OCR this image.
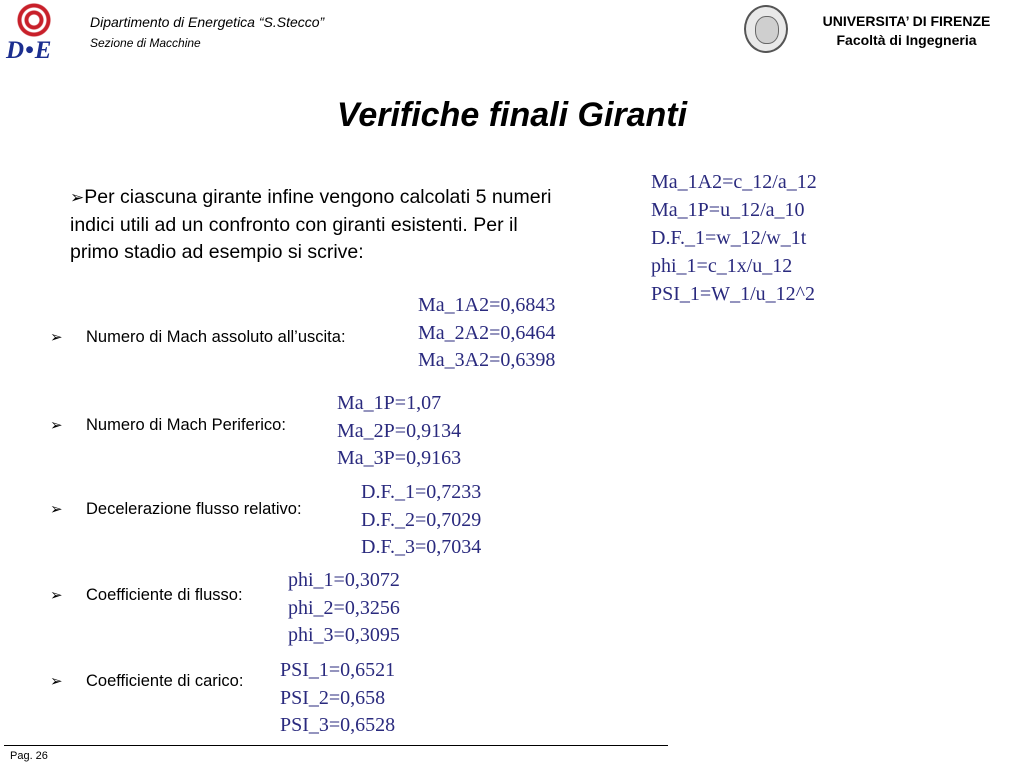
D•E
Dipartimento di Energetica “S.Stecco”
Sezione di Macchine
UNIVERSITA’ DI FIRENZE
Facoltà di Ingegneria
Verifiche finali Giranti
➢Per ciascuna girante infine vengono calcolati 5 numeri indici utili ad un confronto con giranti esistenti. Per il primo stadio ad esempio si scrive:
Ma_1A2=c_12/a_12
Ma_1P=u_12/a_10
D.F._1=w_12/w_1t
phi_1=c_1x/u_12
PSI_1=W_1/u_12^2
➢ Numero di Mach assoluto all’uscita:
Ma_1A2=0,6843
Ma_2A2=0,6464
Ma_3A2=0,6398
➢ Numero di Mach Periferico:
Ma_1P=1,07
Ma_2P=0,9134
Ma_3P=0,9163
➢ Decelerazione flusso relativo:
D.F._1=0,7233
D.F._2=0,7029
D.F._3=0,7034
➢ Coefficiente di flusso:
phi_1=0,3072
phi_2=0,3256
phi_3=0,3095
➢ Coefficiente di carico: PSI_1=0,6521
PSI_2=0,658
PSI_3=0,6528
Pag. 26
